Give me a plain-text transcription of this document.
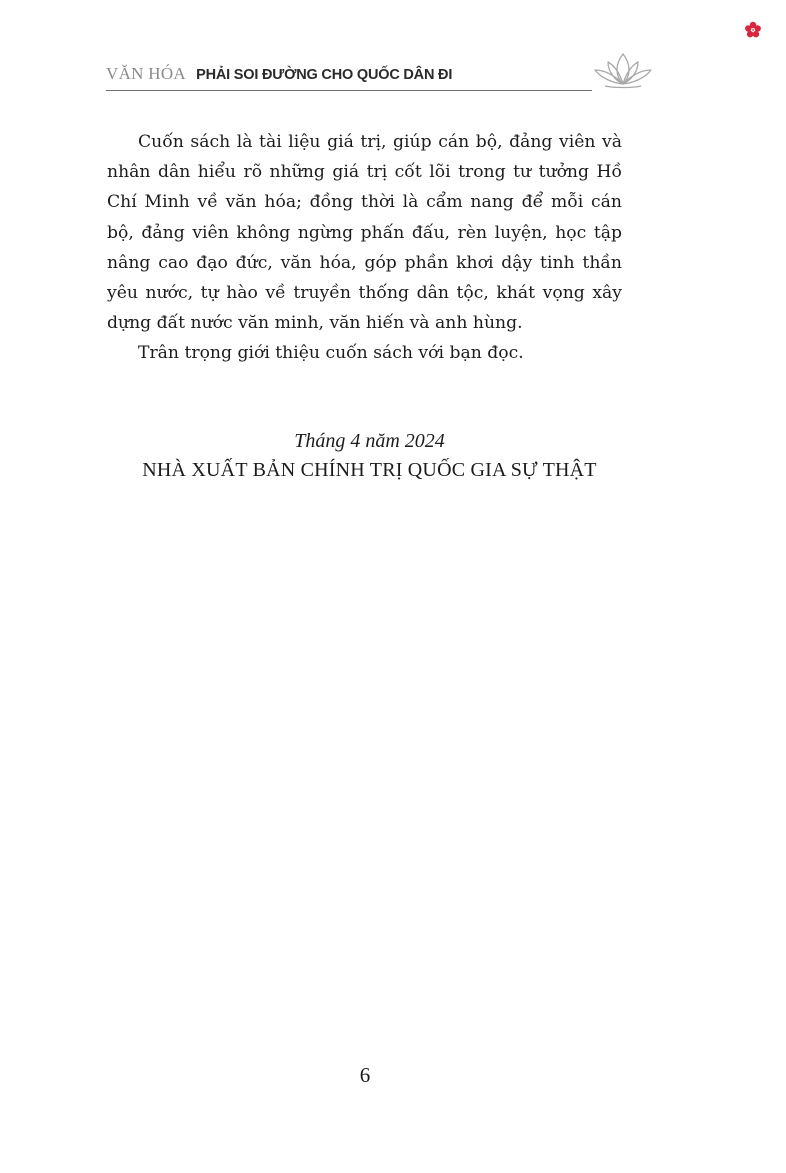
VĂN HÓA PHẢI SOI ĐƯỜNG CHO QUỐC DÂN ĐI

Cuốn sách là tài liệu giá trị, giúp cán bộ, đảng viên và nhân dân hiểu rõ những giá trị cốt lõi trong tư tưởng Hồ Chí Minh về văn hóa; đồng thời là cẩm nang để mỗi cán bộ, đảng viên không ngừng phấn đấu, rèn luyện, học tập nâng cao đạo đức, văn hóa, góp phần khơi dậy tinh thần yêu nước, tự hào về truyền thống dân tộc, khát vọng xây dựng đất nước văn minh, văn hiến và anh hùng.

Trân trọng giới thiệu cuốn sách với bạn đọc.

Tháng 4 năm 2024
NHÀ XUẤT BẢN CHÍNH TRỊ QUỐC GIA SỰ THẬT
6
